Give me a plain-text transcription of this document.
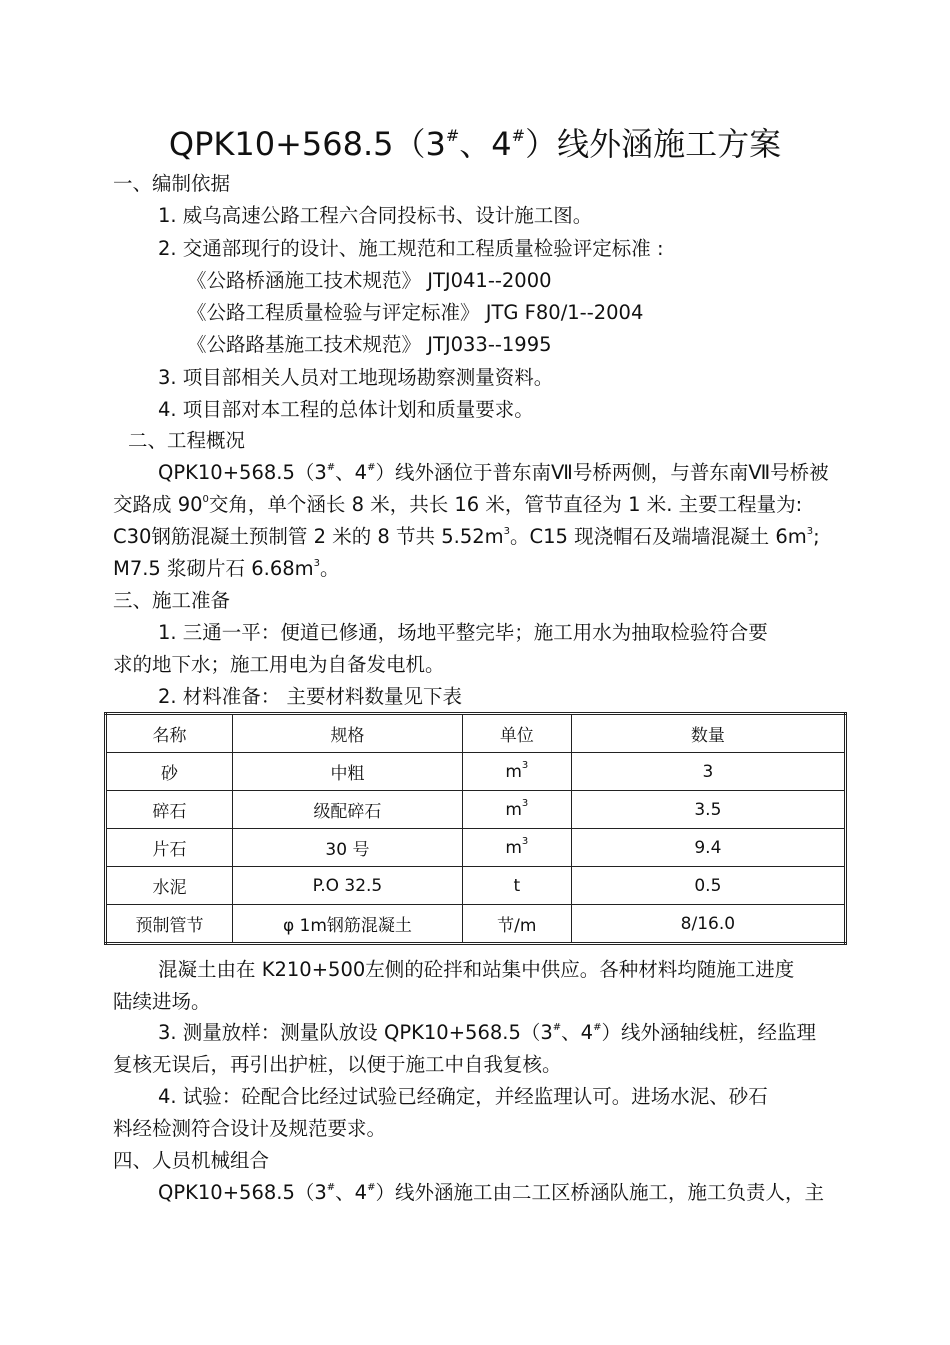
QPK10+568.5（3#、4#）线外涵施工方案
一、编制依据
1. 威乌高速公路工程六合同投标书、设计施工图。
2. 交通部现行的设计、施工规范和工程质量检验评定标准 :
《公路桥涵施工技术规范》 JTJ041--2000
《公路工程质量检验与评定标准》 JTG F80/1--2004
《公路路基施工技术规范》 JTJ033--1995
3. 项目部相关人员对工地现场勘察测量资料。
4. 项目部对本工程的总体计划和质量要求。
二、工程概况
QPK10+568.5（3#、4#）线外涵位于普东南Ⅶ号桥两侧，与普东南Ⅶ号桥被
交路成 $90^0$交角，单个涵长 8 米，共长 16 米，管节直径为 1 米. 主要工程量为:
C30钢筋混凝土预制管 2 米的 8 节共 $5.52m^3$。C15 现浇帽石及端墙混凝土 $6m^3$;
M7.5 浆砌片石 $6.68m^3$。
三、施工准备
1. 三通一平：便道已修通，场地平整完毕；施工用水为抽取检验符合要
求的地下水；施工用电为自备发电机。
2. 材料准备： 主要材料数量见下表
名称	规格	单位	数量
砂	中粗	$m^3$	3
碎石	级配碎石	$m^3$	3.5
片石	30 号	$m^3$	9.4
水泥	P.O 32.5	t	0.5
预制管节	φ 1m钢筋混凝土	节/m	8/16.0
混凝土由在 K210+500左侧的砼拌和站集中供应。各种材料均随施工进度
陆续进场。
3. 测量放样：测量队放设 QPK10+568.5（3#、4#）线外涵轴线桩，经监理
复核无误后，再引出护桩，以便于施工中自我复核。
4. 试验：砼配合比经过试验已经确定，并经监理认可。进场水泥、砂石
料经检测符合设计及规范要求。
四、人员机械组合
QPK10+568.5（3#、4#）线外涵施工由二工区桥涵队施工，施工负责人，主
